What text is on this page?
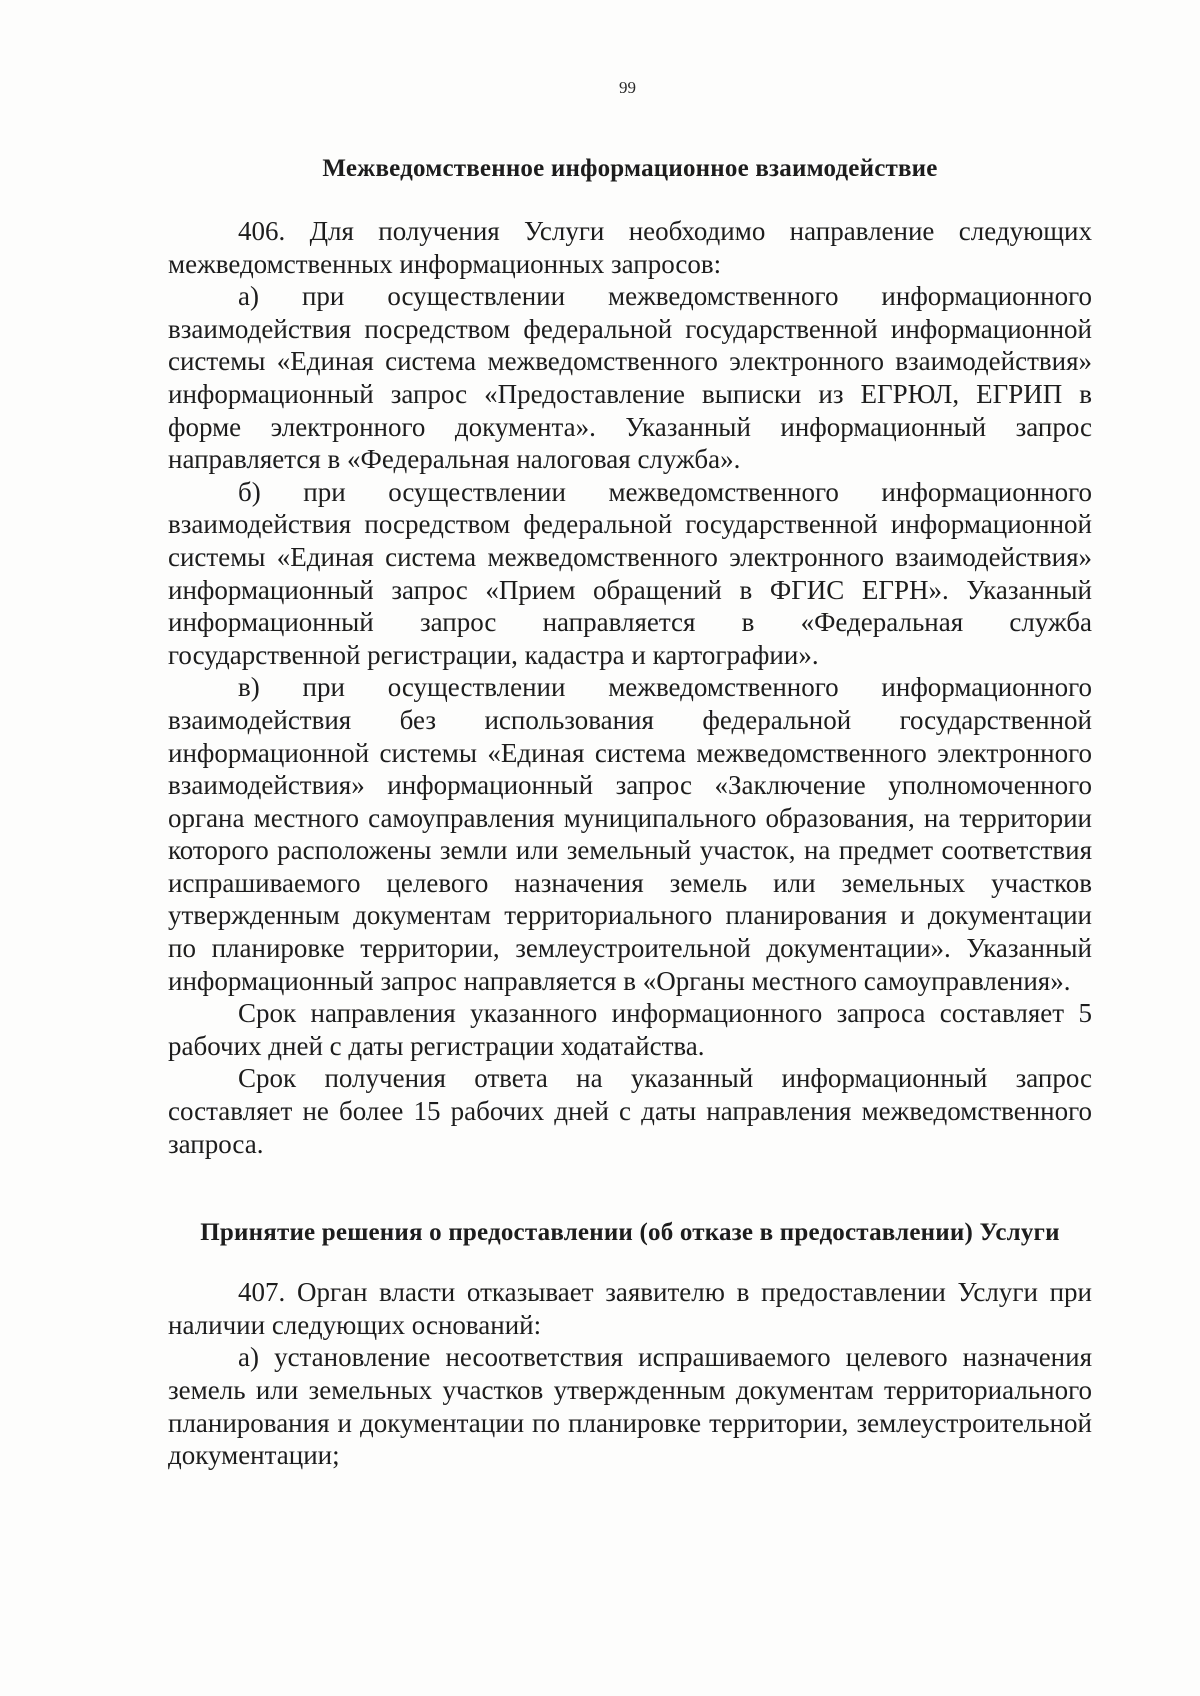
99
Межведомственное информационное взаимодействие

406. Для получения Услуги необходимо направление следующих межведомственных информационных запросов:

а) при осуществлении межведомственного информационного взаимодействия посредством федеральной государственной информационной системы «Единая система межведомственного электронного взаимодействия» информационный запрос «Предоставление выписки из ЕГРЮЛ, ЕГРИП в форме электронного документа». Указанный информационный запрос направляется в «Федеральная налоговая служба».

б) при осуществлении межведомственного информационного взаимодействия посредством федеральной государственной информационной системы «Единая система межведомственного электронного взаимодействия» информационный запрос «Прием обращений в ФГИС ЕГРН». Указанный информационный запрос направляется в «Федеральная служба государственной регистрации, кадастра и картографии».

в) при осуществлении межведомственного информационного взаимодействия без использования федеральной государственной информационной системы «Единая система межведомственного электронного взаимодействия» информационный запрос «Заключение уполномоченного органа местного самоуправления муниципального образования, на территории которого расположены земли или земельный участок, на предмет соответствия испрашиваемого целевого назначения земель или земельных участков утвержденным документам территориального планирования и документации по планировке территории, землеустроительной документации». Указанный информационный запрос направляется в «Органы местного самоуправления».

Срок направления указанного информационного запроса составляет 5 рабочих дней с даты регистрации ходатайства.

Срок получения ответа на указанный информационный запрос составляет не более 15 рабочих дней с даты направления межведомственного запроса.

Принятие решения о предоставлении (об отказе в предоставлении) Услуги

407. Орган власти отказывает заявителю в предоставлении Услуги при наличии следующих оснований:

а) установление несоответствия испрашиваемого целевого назначения земель или земельных участков утвержденным документам территориального планирования и документации по планировке территории, землеустроительной документации;
